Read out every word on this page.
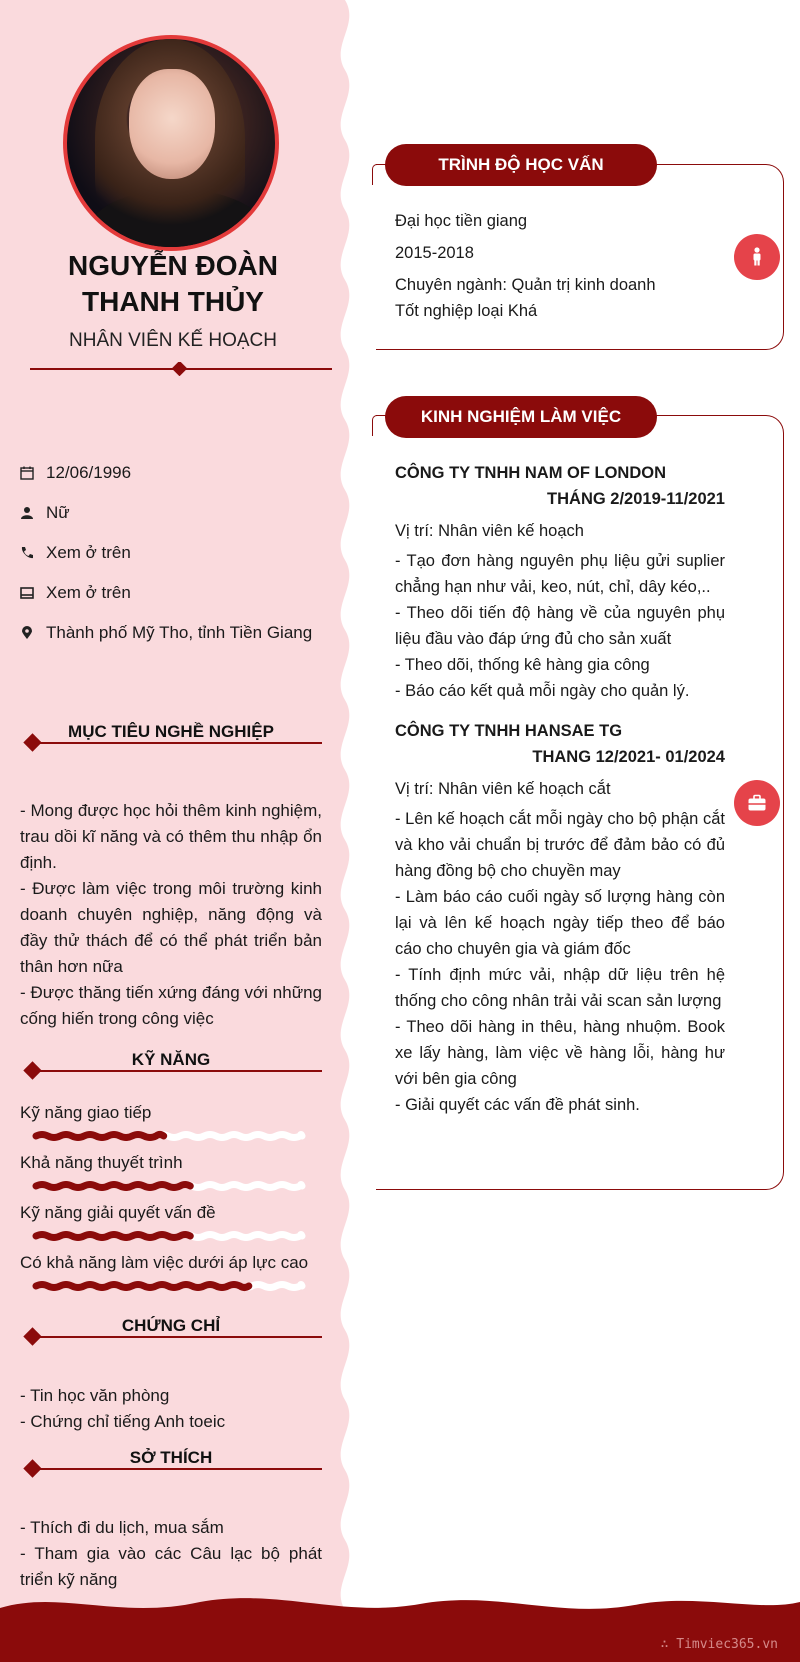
NGUYỄN ĐOÀN
THANH THỦY
NHÂN VIÊN KẾ HOẠCH
12/06/1996
Nữ
Xem ở trên
Xem ở trên
Thành phố Mỹ Tho, tỉnh Tiền Giang
MỤC TIÊU NGHỀ NGHIỆP
- Mong được học hỏi thêm kinh nghiệm, trau dồi kĩ năng và có thêm thu nhập ổn định.
- Được làm việc trong môi trường kinh doanh chuyên nghiệp, năng động và đầy thử thách để có thể phát triển bản thân hơn nữa
- Được thăng tiến xứng đáng với những cống hiến trong công việc
KỸ NĂNG
Kỹ năng giao tiếp
Khả năng thuyết trình
Kỹ năng giải quyết vấn đề
Có khả năng làm việc dưới áp lực cao
CHỨNG CHỈ
- Tin học văn phòng
- Chứng chỉ tiếng Anh toeic
SỞ THÍCH
- Thích đi du lịch, mua sắm
- Tham gia vào các Câu lạc bộ phát triển kỹ năng
TRÌNH ĐỘ HỌC VẤN
Đại học tiền giang
2015-2018
Chuyên ngành: Quản trị kinh doanh
Tốt nghiệp loại Khá
KINH NGHIỆM LÀM VIỆC
CÔNG TY TNHH NAM OF LONDON
THÁNG 2/2019-11/2021
Vị trí: Nhân viên kế hoạch
- Tạo đơn hàng nguyên phụ liệu gửi suplier chẳng hạn như vải, keo, nút, chỉ, dây kéo,..
- Theo dõi tiến độ hàng về của nguyên phụ liệu đầu vào đáp ứng đủ cho sản xuất
- Theo dõi, thống kê hàng gia công
- Báo cáo kết quả mỗi ngày cho quản lý.
CÔNG TY TNHH HANSAE TG
THANG 12/2021- 01/2024
Vị trí: Nhân viên kế hoạch cắt
- Lên kế hoạch cắt mỗi ngày cho bộ phận cắt và kho vải chuẩn bị trước để đảm bảo có đủ hàng đồng bộ cho chuyền may
- Làm báo cáo cuối ngày số lượng hàng còn lại và lên kế hoạch ngày tiếp theo để báo cáo cho chuyên gia và giám đốc
- Tính định mức vải, nhập dữ liệu trên hệ thống cho công nhân trải vải scan sản lượng
- Theo dõi hàng in thêu, hàng nhuộm. Book xe lấy hàng, làm việc về hàng lỗi, hàng hư với bên gia công
- Giải quyết các vấn đề phát sinh.
∴ Timviec365.vn
